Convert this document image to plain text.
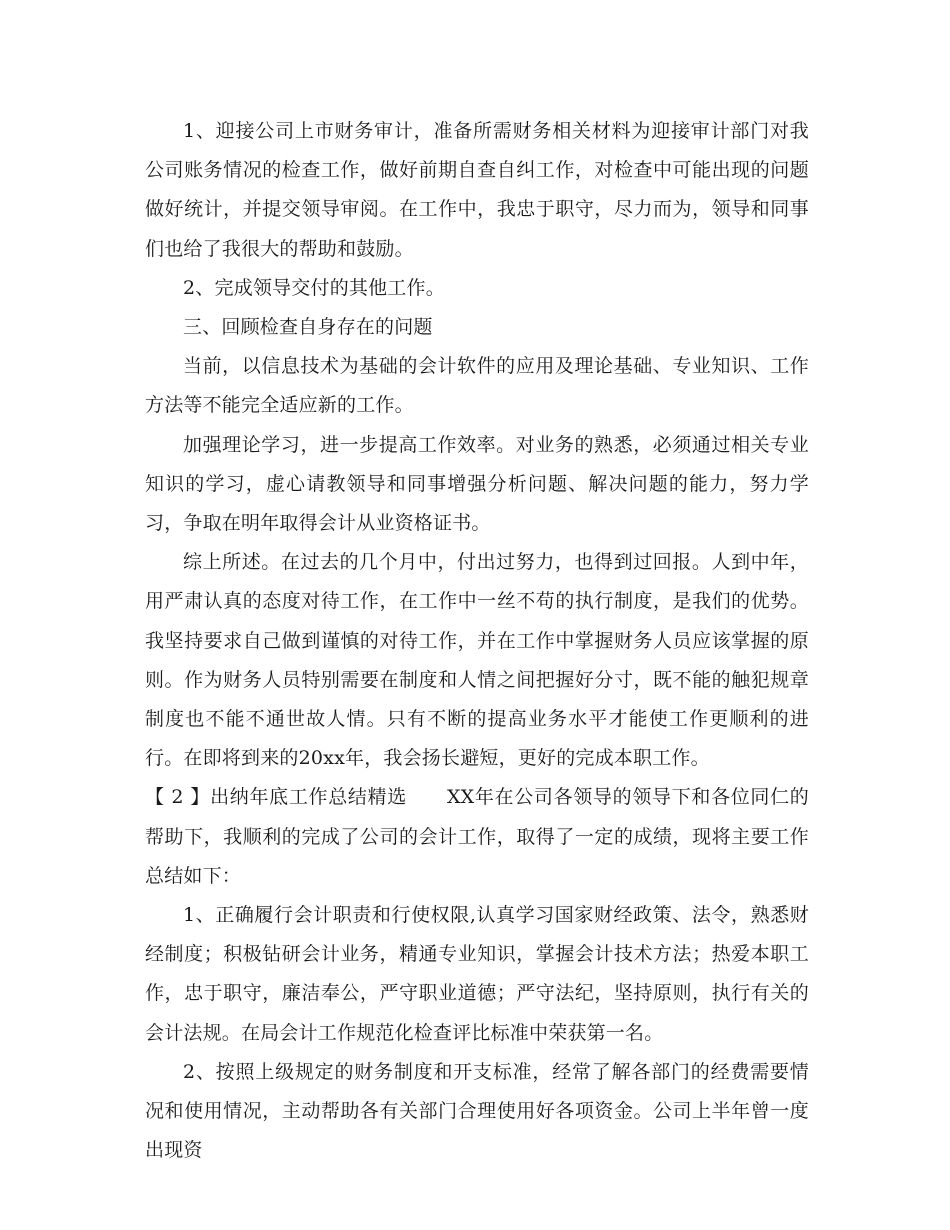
1、迎接公司上市财务审计，准备所需财务相关材料为迎接审计部门对我公司账务情况的检查工作，做好前期自查自纠工作，对检查中可能出现的问题做好统计，并提交领导审阅。在工作中，我忠于职守，尽力而为，领导和同事们也给了我很大的帮助和鼓励。

2、完成领导交付的其他工作。

三、回顾检查自身存在的问题

当前，以信息技术为基础的会计软件的应用及理论基础、专业知识、工作方法等不能完全适应新的工作。

加强理论学习，进一步提高工作效率。对业务的熟悉，必须通过相关专业知识的学习，虚心请教领导和同事增强分析问题、解决问题的能力，努力学习，争取在明年取得会计从业资格证书。

综上所述。在过去的几个月中，付出过努力，也得到过回报。人到中年，用严肃认真的态度对待工作，在工作中一丝不苟的执行制度，是我们的优势。我坚持要求自己做到谨慎的对待工作，并在工作中掌握财务人员应该掌握的原则。作为财务人员特别需要在制度和人情之间把握好分寸，既不能的触犯规章制度也不能不通世故人情。只有不断的提高业务水平才能使工作更顺利的进行。在即将到来的20xx年，我会扬长避短，更好的完成本职工作。

【 2 】出纳年底工作总结精选 XX年在公司各领导的领导下和各位同仁的帮助下，我顺利的完成了公司的会计工作，取得了一定的成绩，现将主要工作总结如下：

1、正确履行会计职责和行使权限,认真学习国家财经政策、法令，熟悉财经制度；积极钻研会计业务，精通专业知识，掌握会计技术方法；热爱本职工作，忠于职守，廉洁奉公，严守职业道德；严守法纪，坚持原则，执行有关的会计法规。在局会计工作规范化检查评比标准中荣获第一名。

2、按照上级规定的财务制度和开支标准，经常了解各部门的经费需要情况和使用情况，主动帮助各有关部门合理使用好各项资金。公司上半年曾一度出现资
